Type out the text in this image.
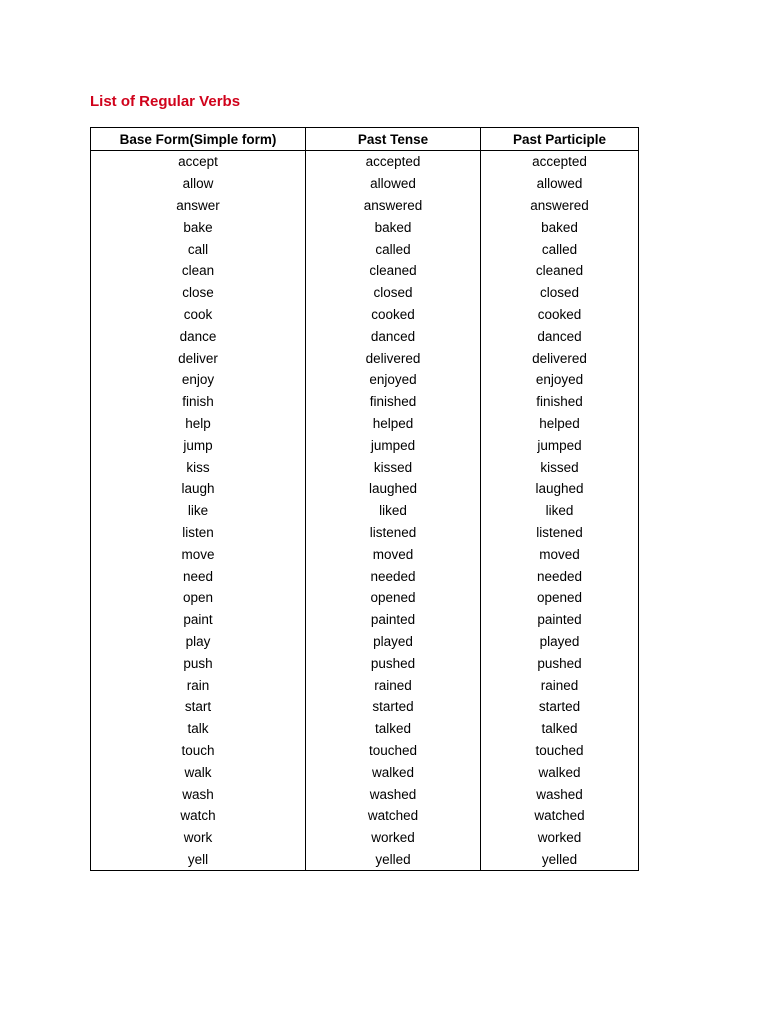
List of Regular Verbs
Base Form(Simple form)	Past Tense	Past Participle
accept	accepted	accepted
allow	allowed	allowed
answer	answered	answered
bake	baked	baked
call	called	called
clean	cleaned	cleaned
close	closed	closed
cook	cooked	cooked
dance	danced	danced
deliver	delivered	delivered
enjoy	enjoyed	enjoyed
finish	finished	finished
help	helped	helped
jump	jumped	jumped
kiss	kissed	kissed
laugh	laughed	laughed
like	liked	liked
listen	listened	listened
move	moved	moved
need	needed	needed
open	opened	opened
paint	painted	painted
play	played	played
push	pushed	pushed
rain	rained	rained
start	started	started
talk	talked	talked
touch	touched	touched
walk	walked	walked
wash	washed	washed
watch	watched	watched
work	worked	worked
yell	yelled	yelled
